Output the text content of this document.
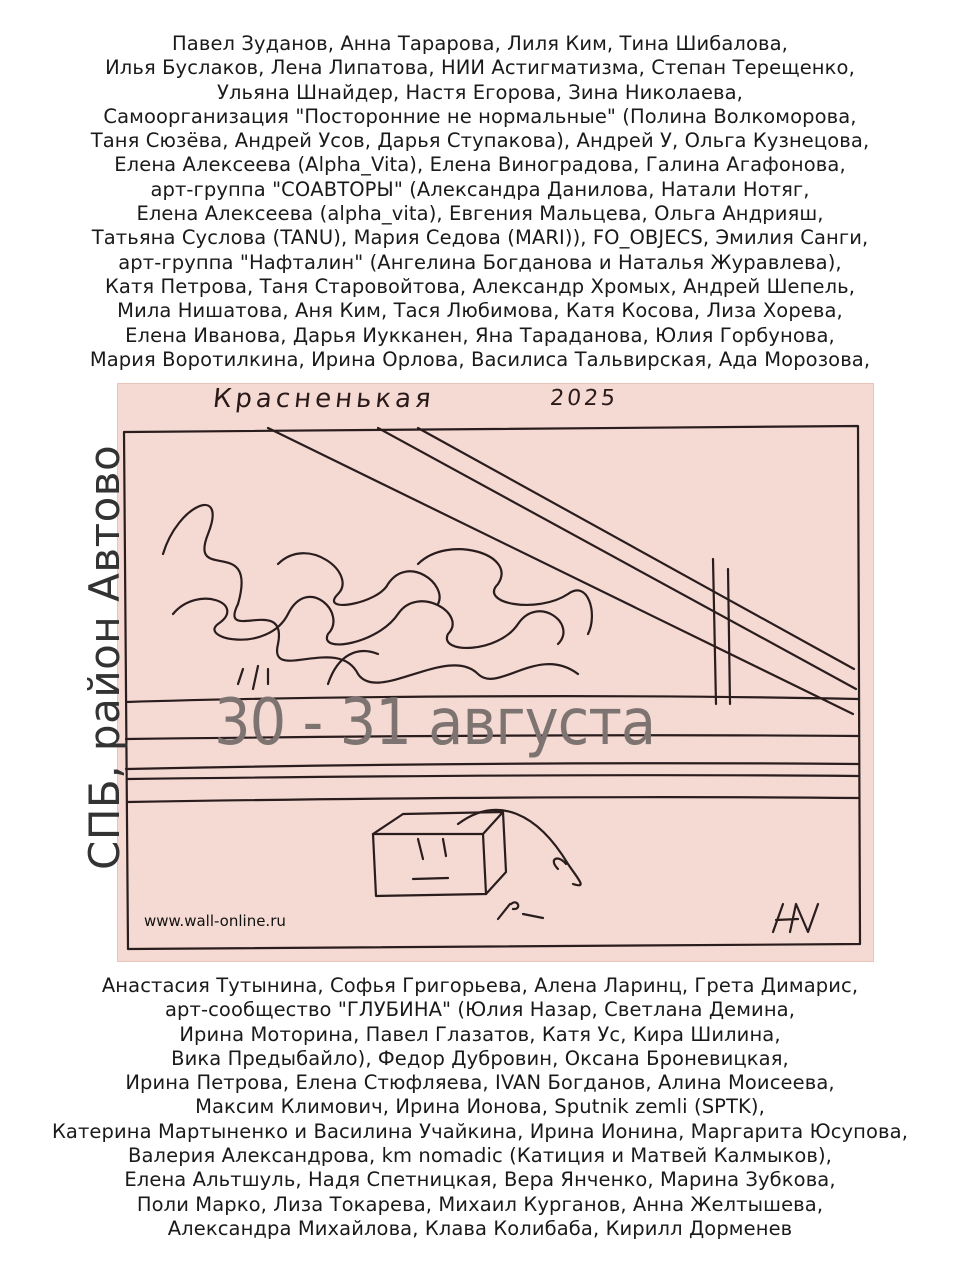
Павел Зуданов, Анна Тарарова, Лиля Ким, Тина Шибалова,
Илья Буслаков, Лена Липатова, НИИ Астигматизма, Степан Терещенко,
Ульяна Шнайдер, Настя Егорова, Зина Николаева,
Самоорганизация "Посторонние не нормальные" (Полина Волкоморова,
Таня Сюзёва, Андрей Усов, Дарья Ступакова), Андрей У, Ольга Кузнецова,
Елена Алексеева (Alpha_Vita), Елена Виноградова, Галина Агафонова,
арт-группа "СОАВТОРЫ" (Александра Данилова, Натали Нотяг,
Елена Алексеева (alpha_vita), Евгения Мальцева, Ольга Андрияш,
Татьяна Суслова (TANU), Мария Седова (MARI)), FO_OBJECS, Эмилия Санги,
арт-группа "Нафталин" (Ангелина Богданова и Наталья Журавлева),
Катя Петрова, Таня Старовойтова, Александр Хромых, Андрей Шепель,
Мила Нишатова, Аня Ким, Тася Любимова, Катя Косова, Лиза Хорева,
Елена Иванова, Дарья Иукканен, Яна Тараданова, Юлия Горбунова,
Мария Воротилкина, Ирина Орлова, Василиса Тальвирская, Ада Морозова,
Красненькая	2025
www.wall-online.ru
30 - 31 августа
СПБ, район Автово
Анастасия Тутынина, Софья Григорьева, Алена Ларинц, Грета Димарис,
арт-сообщество "ГЛУБИНА" (Юлия Назар, Светлана Демина,
Ирина Моторина, Павел Глазатов, Катя Ус, Кира Шилина,
Вика Предыбайло), Федор Дубровин, Оксана Броневицкая,
Ирина Петрова, Елена Стюфляева, IVAN Богданов, Алина Моисеева,
Максим Климович, Ирина Ионова, Sputnik zemli (SPTK),
Катерина Мартыненко и Василина Учайкина, Ирина Ионина, Маргарита Юсупова,
Валерия Александрова, km nomadic (Катиция и Матвей Калмыков),
Елена Альтшуль, Надя Спетницкая, Вера Янченко, Марина Зубкова,
Поли Марко, Лиза Токарева, Михаил Курганов, Анна Желтышева,
Александра Михайлова, Клава Колибаба, Кирилл Дорменев
